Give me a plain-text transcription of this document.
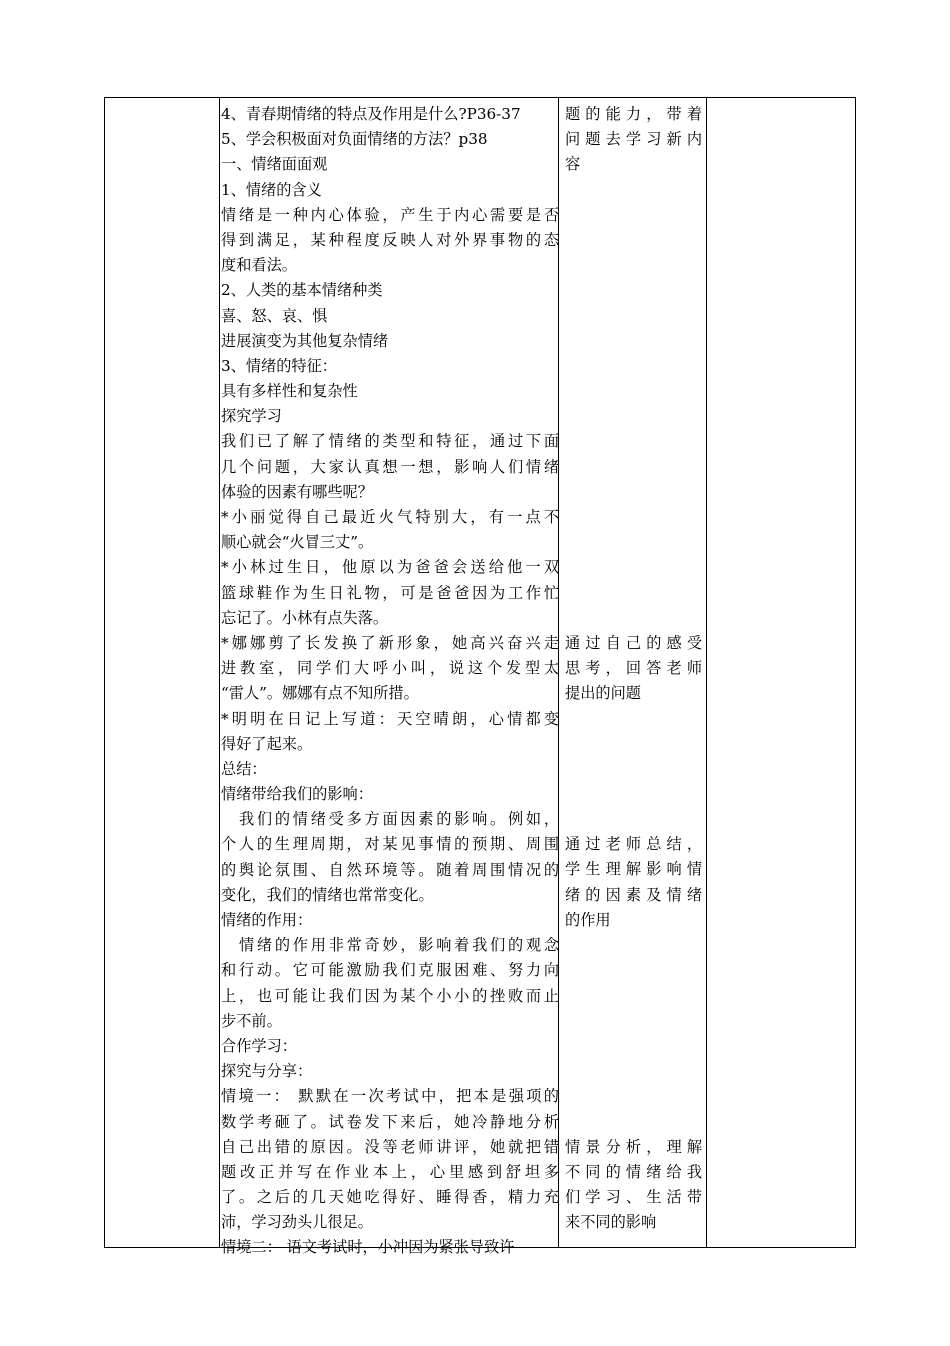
4、青春期情绪的特点及作用是什么?P36-37
5、学会积极面对负面情绪的方法？p38
一、情绪面面观
1、情绪的含义
情绪是一种内心体验，产生于内心需要是否
得到满足，某种程度反映人对外界事物的态
度和看法。
2、人类的基本情绪种类
喜、怒、哀、惧
进展演变为其他复杂情绪
3、情绪的特征：
具有多样性和复杂性
探究学习
我们已了解了情绪的类型和特征，通过下面
几个问题，大家认真想一想，影响人们情绪
体验的因素有哪些呢？
*小丽觉得自己最近火气特别大，有一点不
顺心就会“火冒三丈”。
*小林过生日，他原以为爸爸会送给他一双
篮球鞋作为生日礼物，可是爸爸因为工作忙
忘记了。小林有点失落。
*娜娜剪了长发换了新形象，她高兴奋兴走
进教室，同学们大呼小叫，说这个发型太
“雷人”。娜娜有点不知所措。
*明明在日记上写道：天空晴朗，心情都变
得好了起来。
总结：
情绪带给我们的影响：
我们的情绪受多方面因素的影响。例如，
个人的生理周期，对某见事情的预期、周围
的舆论氛围、自然环境等。随着周围情况的
变化，我们的情绪也常常变化。
情绪的作用：
情绪的作用非常奇妙，影响着我们的观念
和行动。它可能激励我们克服困难、努力向
上，也可能让我们因为某个小小的挫败而止
步不前。
合作学习：
探究与分享：
情境一： 默默在一次考试中，把本是强项的
数学考砸了。试卷发下来后，她冷静地分析
自己出错的原因。没等老师讲评，她就把错
题改正并写在作业本上，心里感到舒坦多
了。之后的几天她吃得好、睡得香，精力充
沛，学习劲头儿很足。
情境二： 语文考试时，小冲因为紧张导致许
题的能力，带着
问题去学习新内
容
通过自己的感受
思考，回答老师
提出的问题
通过老师总结，
学生理解影响情
绪的因素及情绪
的作用
情景分析，理解
不同的情绪给我
们学习、生活带
来不同的影响
